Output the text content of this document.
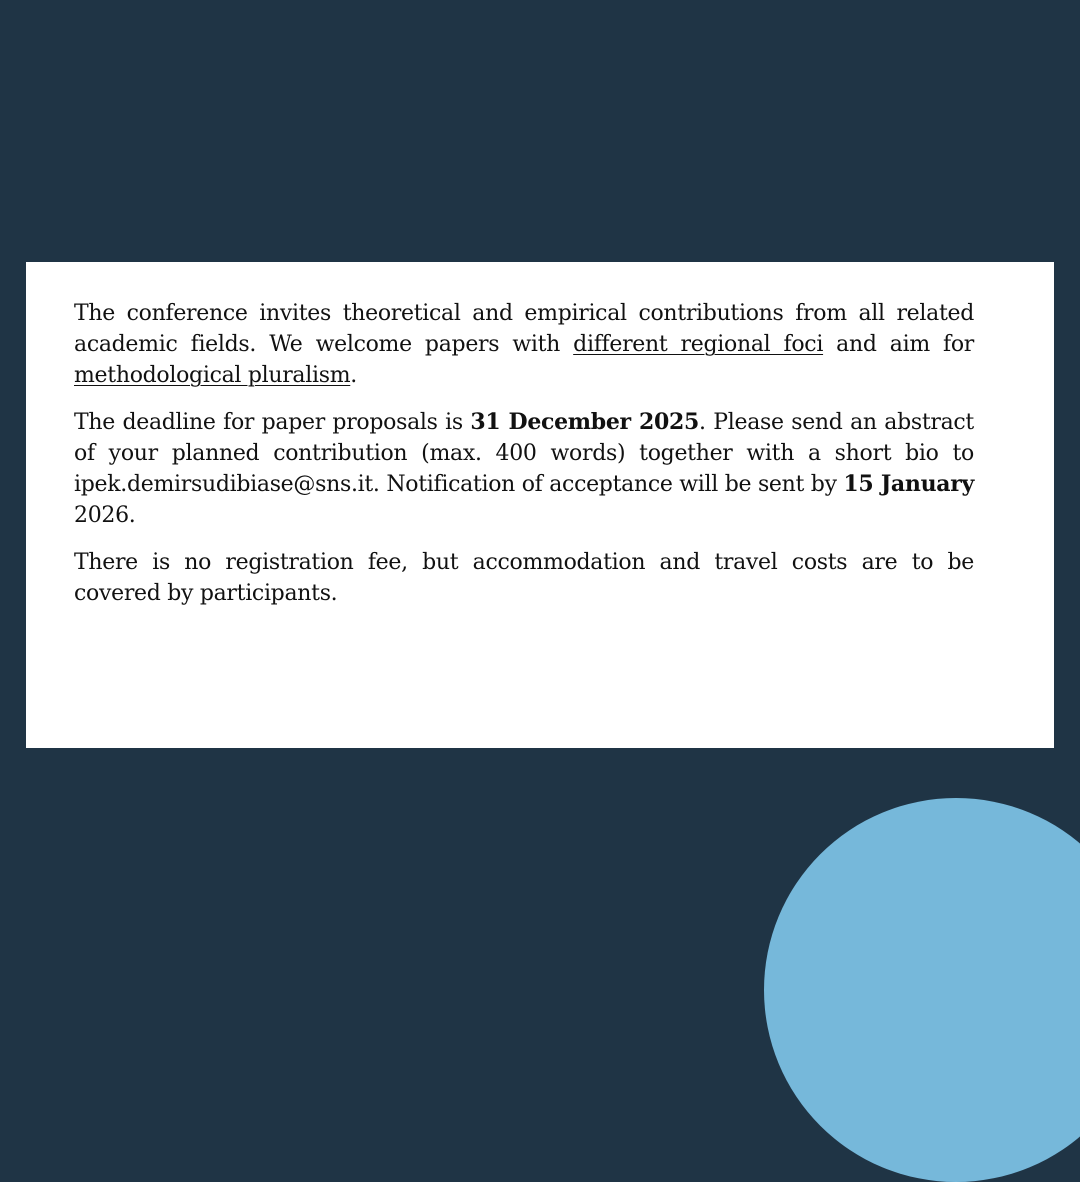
The conference invites theoretical and empirical contributions from all related academic fields. We welcome papers with different regional foci and aim for methodological pluralism.

The deadline for paper proposals is 31 December 2025. Please send an abstract of your planned contribution (max. 400 words) together with a short bio to ipek.demirsudibiase@sns.it. Notification of acceptance will be sent by 15 January 2026.

There is no registration fee, but accommodation and travel costs are to be covered by participants.
